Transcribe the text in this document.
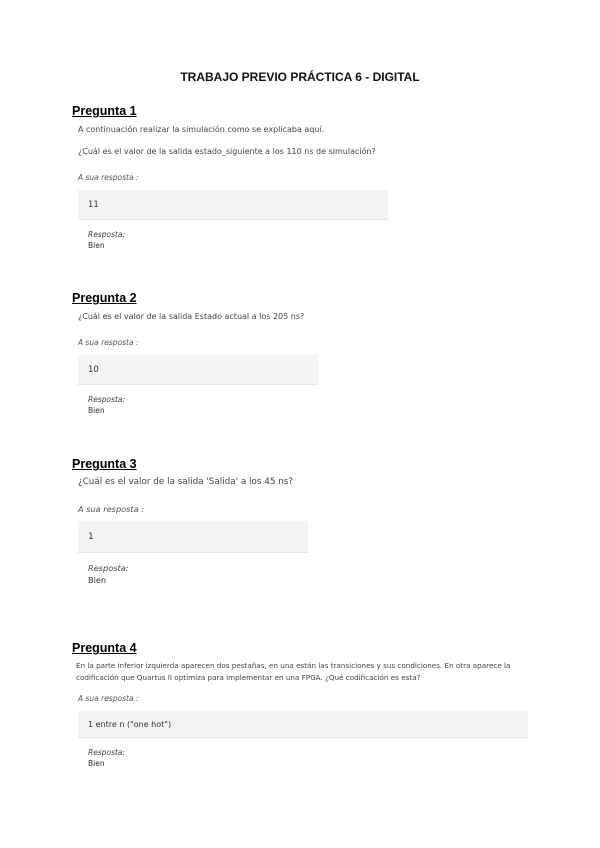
TRABAJO PREVIO PRÁCTICA 6 - DIGITAL
Pregunta 1
A continuación realizar la simulación como se explicaba aquí.
¿Cuál es el valor de la salida estado_siguiente a los 110 ns de simulación?
A sua resposta :
11
Resposta:
Bien
Pregunta 2
¿Cuál es el valor de la salida Estado actual a los 205 ns?
A sua resposta :
10
Resposta:
Bien
Pregunta 3
¿Cuál es el valor de la salida 'Salida' a los 45 ns?
A sua resposta :
1
Resposta:
Bien
Pregunta 4
En la parte inferior izquierda aparecen dos pestañas, en una están las transiciones y sus condiciones. En otra aparece la codificación que Quartus II optimiza para implementar en una FPGA. ¿Qué codificación es esta?
A sua resposta :
1 entre n ("one hot")
Resposta:
Bien
